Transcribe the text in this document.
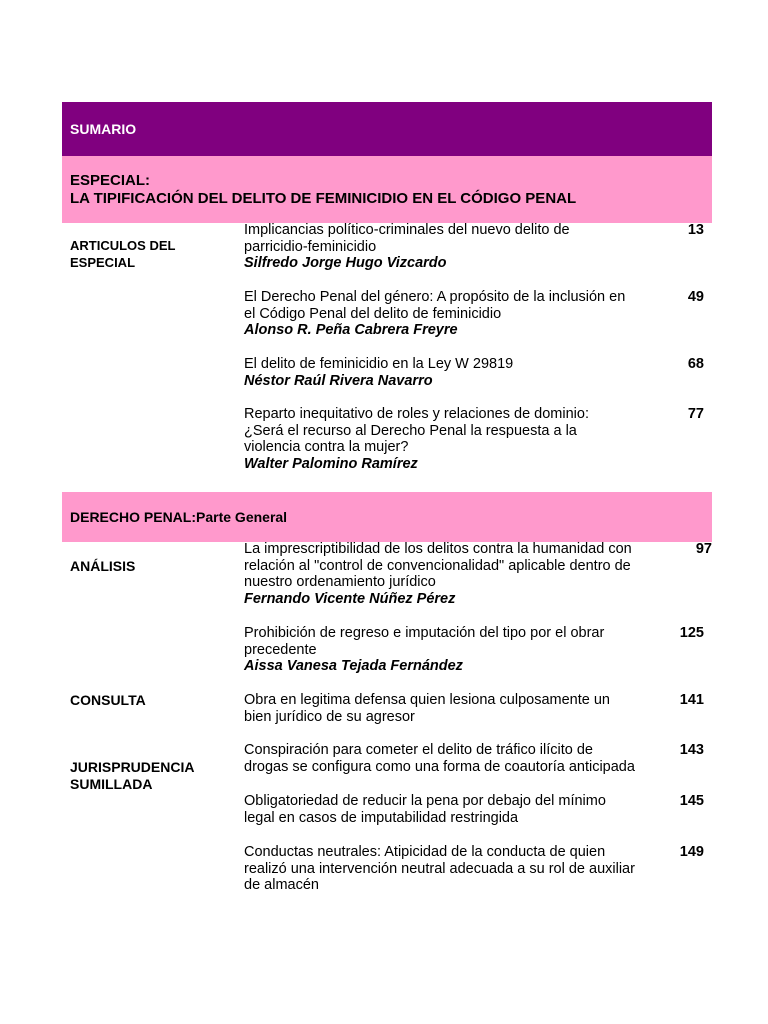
SUMARIO
ESPECIAL:
LA TIPIFICACIÓN DEL DELITO DE FEMINICIDIO EN EL CÓDIGO PENAL
DERECHO PENAL: Parte General
ARTICULOS DEL
ESPECIAL
ANÁLISIS
CONSULTA
JURISPRUDENCIA
SUMILLADA
Implicancias político-criminales del nuevo delito de
parricidio-feminicidio
Silfredo Jorge Hugo Vizcardo
13
El Derecho Penal del género: A propósito de la inclusión en
el Código Penal del delito de feminicidio
Alonso R. Peña Cabrera Freyre
49
El delito de feminicidio en la Ley W 29819
Néstor Raúl Rivera Navarro
68
Reparto inequitativo de roles y relaciones de dominio:
¿Será el recurso al Derecho Penal la respuesta a la
violencia contra la mujer?
Walter Palomino Ramírez
77
La imprescriptibilidad de los delitos contra la humanidad con
relación al "control de convencionalidad" aplicable dentro de
nuestro ordenamiento jurídico
Fernando Vicente Núñez Pérez
97
Prohibición de regreso e imputación del tipo por el obrar
precedente
Aissa Vanesa Tejada Fernández
125
Obra en legitima defensa quien lesiona culposamente un
bien jurídico de su agresor
141
Conspiración para cometer el delito de tráfico ilícito de
drogas se configura como una forma de coautoría anticipada
143
Obligatoriedad de reducir la pena por debajo del mínimo
legal en casos de imputabilidad restringida
145
Conductas neutrales: Atipicidad de la conducta de quien
realizó una intervención neutral adecuada a su rol de auxiliar
de almacén
149
